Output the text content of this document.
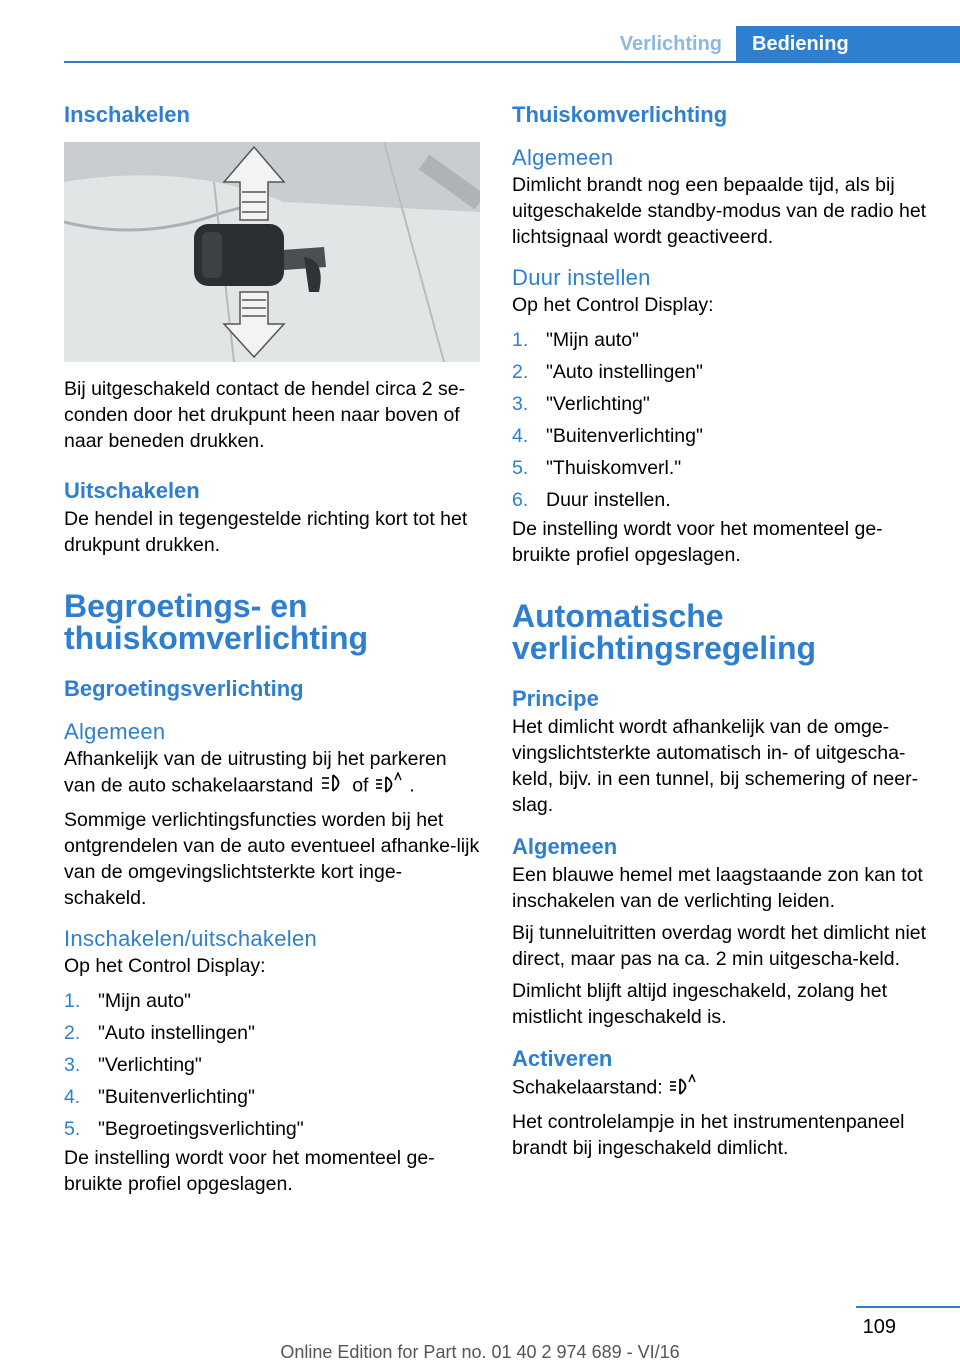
Verlichting	Bediening
Inschakelen
Bij uitgeschakeld contact de hendel circa 2 se-conden door het drukpunt heen naar boven of naar beneden drukken.
Uitschakelen
De hendel in tegengestelde richting kort tot het drukpunt drukken.
Begroetings- en thuiskomverlichting
Begroetingsverlichting
Algemeen
Afhankelijk van de uitrusting bij het parkeren van de auto schakelaarstand of .
Sommige verlichtingsfuncties worden bij het ontgrendelen van de auto eventueel afhanke-lijk van de omgevingslichtsterkte kort inge-schakeld.
Inschakelen/uitschakelen
Op het Control Display:
1. "Mijn auto"
2. "Auto instellingen"
3. "Verlichting"
4. "Buitenverlichting"
5. "Begroetingsverlichting"
De instelling wordt voor het momenteel ge-bruikte profiel opgeslagen.
Thuiskomverlichting
Algemeen
Dimlicht brandt nog een bepaalde tijd, als bij uitgeschakelde standby-modus van de radio het lichtsignaal wordt geactiveerd.
Duur instellen
Op het Control Display:
1. "Mijn auto"
2. "Auto instellingen"
3. "Verlichting"
4. "Buitenverlichting"
5. "Thuiskomverl."
6. Duur instellen.
De instelling wordt voor het momenteel ge-bruikte profiel opgeslagen.
Automatische verlichtingsregeling
Principe
Het dimlicht wordt afhankelijk van de omge-vingslichtsterkte automatisch in- of uitgescha-keld, bijv. in een tunnel, bij schemering of neer-slag.
Algemeen
Een blauwe hemel met laagstaande zon kan tot inschakelen van de verlichting leiden.
Bij tunneluitritten overdag wordt het dimlicht niet direct, maar pas na ca. 2 min uitgescha-keld.
Dimlicht blijft altijd ingeschakeld, zolang het mistlicht ingeschakeld is.
Activeren
Schakelaarstand:
Het controlelampje in het instrumentenpaneel brandt bij ingeschakeld dimlicht.
109
Online Edition for Part no. 01 40 2 974 689 - VI/16
